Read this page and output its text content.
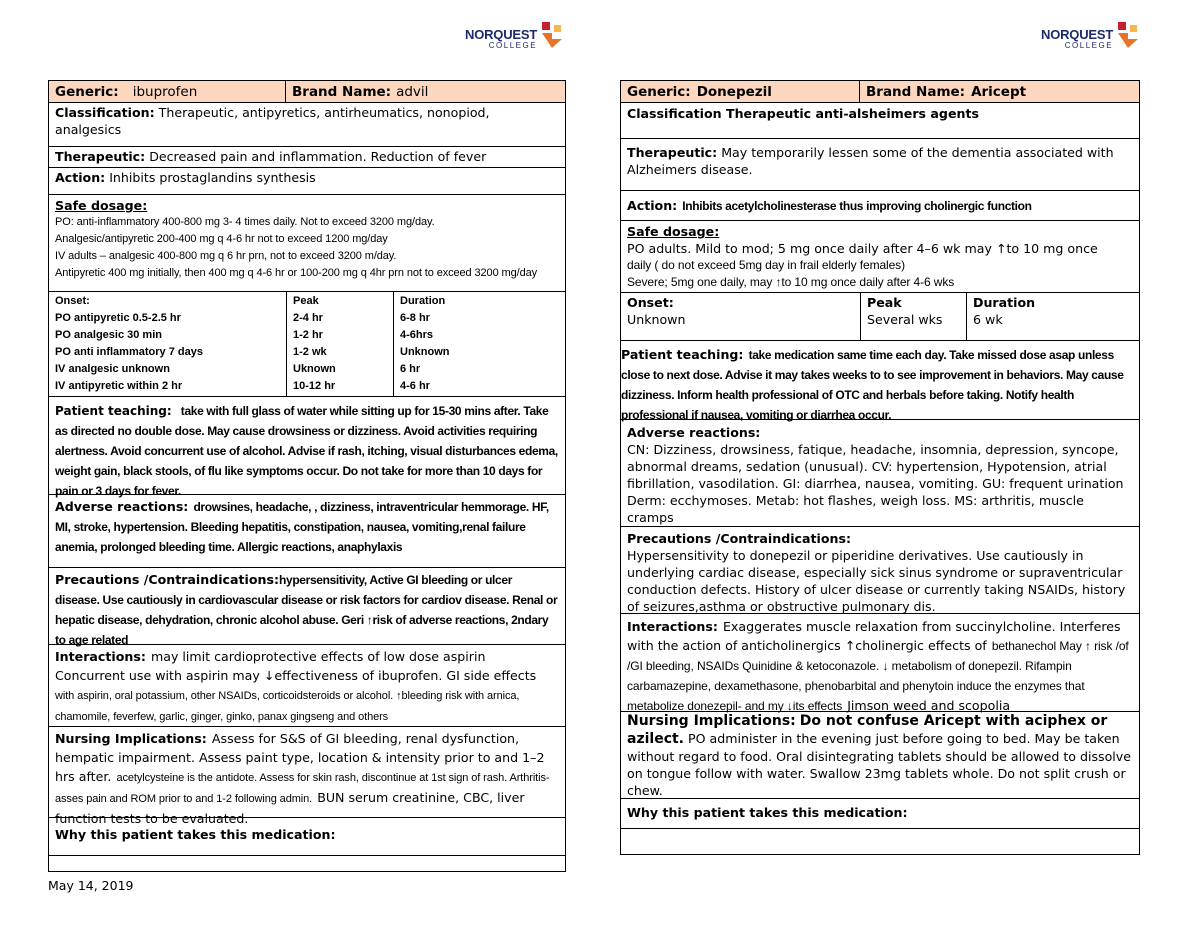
NORQUEST
COLLEGE
NORQUEST
COLLEGE
Generic: ibuprofen	Brand Name: advil
Classification: Therapeutic, antipyretics, antirheumatics, nonopiod, analgesics
Therapeutic: Decreased pain and inflammation. Reduction of fever
Action: Inhibits prostaglandins synthesis
Safe dosage:
PO: anti-inflammatory 400-800 mg 3- 4 times daily. Not to exceed 3200 mg/day.
Analgesic/antipyretic 200-400 mg q 4-6 hr not to exceed 1200 mg/day
IV adults – analgesic 400-800 mg q 6 hr prn, not to exceed 3200 m/day.
Antipyretic 400 mg initially, then 400 mg q 4-6 hr or 100-200 mg q 4hr prn not to exceed 3200 mg/day
Onset:
PO antipyretic 0.5-2.5 hr
PO analgesic 30 min
PO anti inflammatory 7 days
IV analgesic unknown
IV antipyretic within 2 hr
Peak
2-4 hr
1-2 hr
1-2 wk
Uknown
10-12 hr
Duration
6-8 hr
4-6hrs
Unknown
6 hr
4-6 hr
Patient teaching: take with full glass of water while sitting up for 15-30 mins after. Take as directed no double dose. May cause drowsiness or dizziness. Avoid activities requiring alertness. Avoid concurrent use of alcohol. Advise if rash, itching, visual disturbances edema, weight gain, black stools, of flu like symptoms occur. Do not take for more than 10 days for pain or 3 days for fever.
Adverse reactions: drowsines, headache, , dizziness, intraventricular hemmorage. HF, MI, stroke, hypertension. Bleeding hepatitis, constipation, nausea, vomiting,renal failure anemia, prolonged bleeding time. Allergic reactions, anaphylaxis
Precautions /Contraindications:hypersensitivity, Active GI bleeding or ulcer disease. Use cautiously in cardiovascular disease or risk factors for cardiov disease. Renal or hepatic disease, dehydration, chronic alcohol abuse. Geri ↑risk of adverse reactions, 2ndary to age related
Interactions: may limit cardioprotective effects of low dose aspirin Concurrent use with aspirin may ↓effectiveness of ibuprofen. GI side effects with aspirin, oral potassium, other NSAIDs, corticoidsteroids or alcohol. ↑bleeding risk with arnica, chamomile, feverfew, garlic, ginger, ginko, panax gingseng and others
Nursing Implications: Assess for S&S of GI bleeding, renal dysfunction, hempatic impairment. Assess paint type, location & intensity prior to and 1–2 hrs after. acetylcysteine is the antidote. Assess for skin rash, discontinue at 1st sign of rash. Arthritis- asses pain and ROM prior to and 1-2 following admin. BUN serum creatinine, CBC, liver function tests to be evaluated.
Why this patient takes this medication:
Generic: Donepezil	Brand Name: Aricept
Classification Therapeutic anti-alsheimers agents
Therapeutic: May temporarily lessen some of the dementia associated with Alzheimers disease.
Action: Inhibits acetylcholinesterase thus improving cholinergic function
Safe dosage:
PO adults. Mild to mod; 5 mg once daily after 4–6 wk may ↑to 10 mg once
daily ( do not exceed 5mg day in frail elderly females)
Severe; 5mg one daily, may ↑to 10 mg once daily after 4-6 wks
Onset:
Unknown
Peak
Several wks
Duration
6 wk
Patient teaching: take medication same time each day. Take missed dose asap unless close to next dose. Advise it may takes weeks to to see improvement in behaviors. May cause dizziness. Inform health professional of OTC and herbals before taking. Notify health professional if nausea, vomiting or diarrhea occur.
Adverse reactions:
CN: Dizziness, drowsiness, fatique, headache, insomnia, depression, syncope, abnormal dreams, sedation (unusual). CV: hypertension, Hypotension, atrial fibrillation, vasodilation. GI: diarrhea, nausea, vomiting. GU: frequent urination Derm: ecchymoses. Metab: hot flashes, weigh loss. MS: arthritis, muscle cramps
Precautions /Contraindications:
Hypersensitivity to donepezil or piperidine derivatives. Use cautiously in underlying cardiac disease, especially sick sinus syndrome or supraventricular conduction defects. History of ulcer disease or currently taking NSAIDs, history of seizures,asthma or obstructive pulmonary dis.
Interactions: Exaggerates muscle relaxation from succinylcholine. Interferes with the action of anticholinergics ↑cholinergic effects of bethanechol May ↑ risk /of /GI bleeding, NSAIDs Quinidine & ketoconazole. ↓ metabolism of donepezil. Rifampin carbamazepine, dexamethasone, phenobarbital and phenytoin induce the enzymes that metabolize donezepil- and my ↓its effects Jimson weed and scopolia
Nursing Implications: Do not confuse Aricept with aciphex or azilect. PO administer in the evening just before going to bed. May be taken without regard to food. Oral disintegrating tablets should be allowed to dissolve on tongue follow with water. Swallow 23mg tablets whole. Do not split crush or chew.
Why this patient takes this medication:
May 14, 2019
